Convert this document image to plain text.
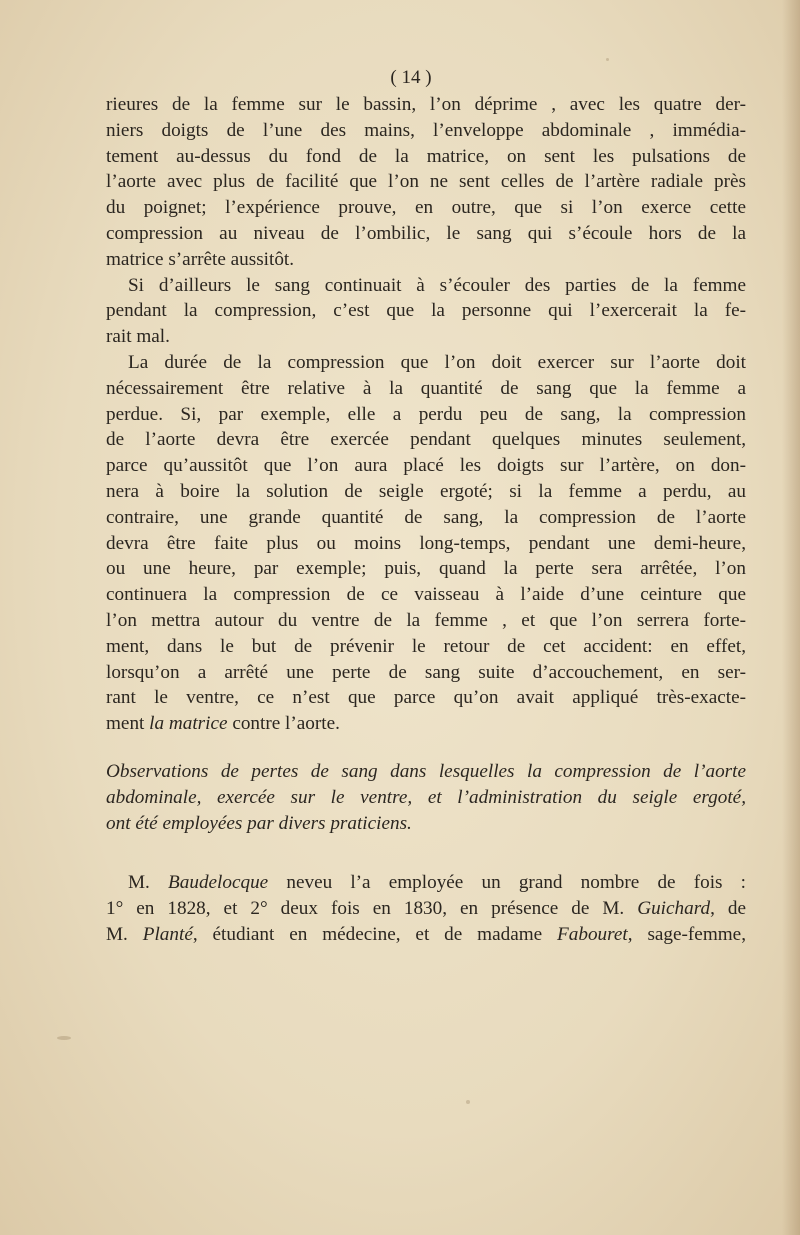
( 14 )
rieures de la femme sur le bassin, l’on déprime , avec les quatre der-
niers doigts de l’une des mains, l’enveloppe abdominale , immédia-
tement au-dessus du fond de la matrice, on sent les pulsations de
l’aorte avec plus de facilité que l’on ne sent celles de l’artère radiale près
du poignet; l’expérience prouve, en outre, que si l’on exerce cette
compression au niveau de l’ombilic, le sang qui s’écoule hors de la
matrice s’arrête aussitôt.
Si d’ailleurs le sang continuait à s’écouler des parties de la femme
pendant la compression, c’est que la personne qui l’exercerait la fe-
rait mal.
La durée de la compression que l’on doit exercer sur l’aorte doit
nécessairement être relative à la quantité de sang que la femme a
perdue. Si, par exemple, elle a perdu peu de sang, la compression
de l’aorte devra être exercée pendant quelques minutes seulement,
parce qu’aussitôt que l’on aura placé les doigts sur l’artère, on don-
nera à boire la solution de seigle ergoté; si la femme a perdu, au
contraire, une grande quantité de sang, la compression de l’aorte
devra être faite plus ou moins long-temps, pendant une demi-heure,
ou une heure, par exemple; puis, quand la perte sera arrêtée, l’on
continuera la compression de ce vaisseau à l’aide d’une ceinture que
l’on mettra autour du ventre de la femme , et que l’on serrera forte-
ment, dans le but de prévenir le retour de cet accident: en effet,
lorsqu’on a arrêté une perte de sang suite d’accouchement, en ser-
rant le ventre, ce n’est que parce qu’on avait appliqué très-exacte-
ment la matrice contre l’aorte.
Observations de pertes de sang dans lesquelles la compression de l’aorte
abdominale, exercée sur le ventre, et l’administration du seigle ergoté,
ont été employées par divers praticiens.
M. Baudelocque neveu l’a employée un grand nombre de fois :
1° en 1828, et 2° deux fois en 1830, en présence de M. Guichard, de
M. Planté, étudiant en médecine, et de madame Fabouret, sage-femme,
